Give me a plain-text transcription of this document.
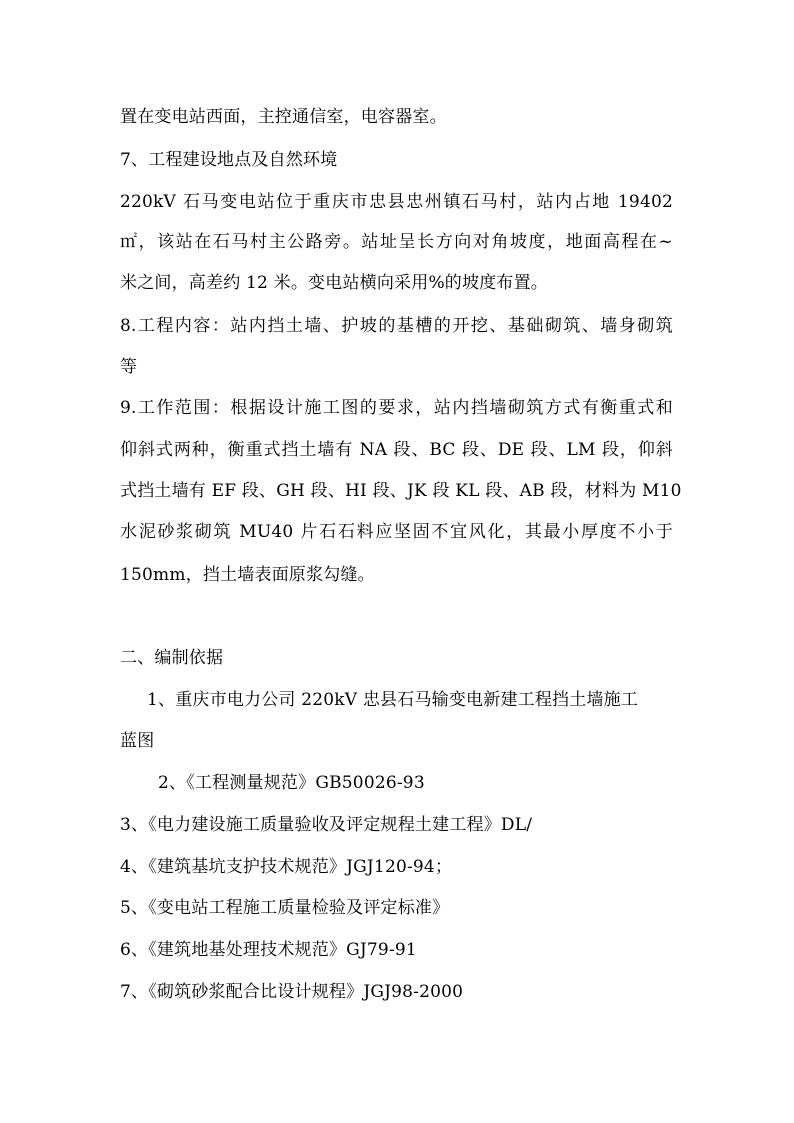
置在变电站西面，主控通信室，电容器室。
7、工程建设地点及自然环境
220kV 石马变电站位于重庆市忠县忠州镇石马村，站内占地 19402
㎡，该站在石马村主公路旁。站址呈长方向对角坡度，地面高程在~
米之间，高差约 12 米。变电站横向采用%的坡度布置。
8.工程内容：站内挡土墙、护坡的基槽的开挖、基础砌筑、墙身砌筑
等
9.工作范围：根据设计施工图的要求，站内挡墙砌筑方式有衡重式和
仰斜式两种，衡重式挡土墙有 NA 段、BC 段、DE 段、LM 段，仰斜
式挡土墙有 EF 段、GH 段、HI 段、JK 段 KL 段、AB 段，材料为 M10
水泥砂浆砌筑 MU40 片石石料应坚固不宜风化，其最小厚度不小于
150mm，挡土墙表面原浆勾缝。
二、编制依据
1、重庆市电力公司 220kV 忠县石马输变电新建工程挡土墙施工
蓝图
2、《工程测量规范》GB50026-93
3、《电力建设施工质量验收及评定规程土建工程》DL/
4、《建筑基坑支护技术规范》JGJ120-94；
5、《变电站工程施工质量检验及评定标准》
6、《建筑地基处理技术规范》GJ79-91
7、《砌筑砂浆配合比设计规程》JGJ98-2000
